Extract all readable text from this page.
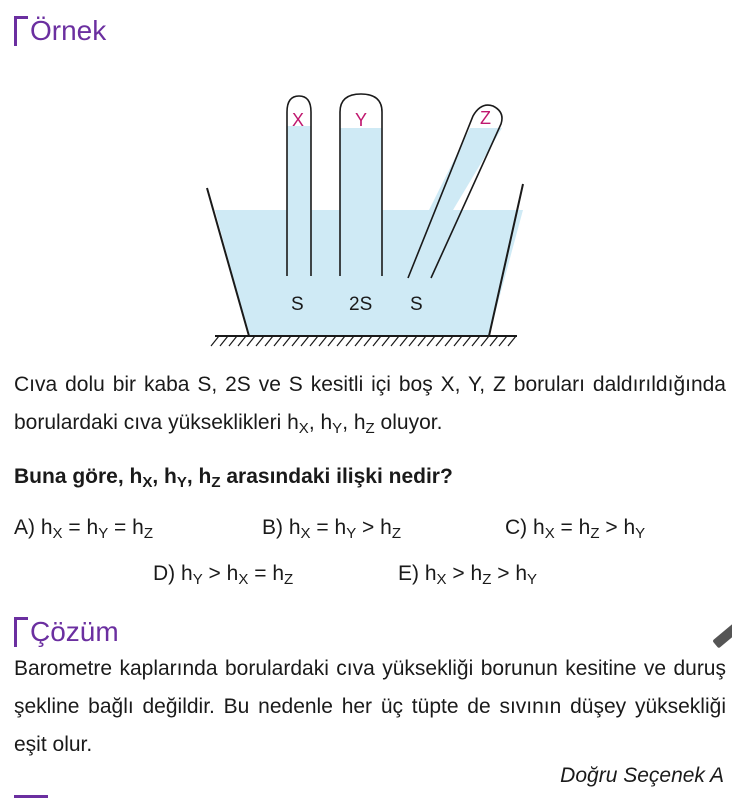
Örnek
X	Y	Z
S 2S S
Cıva dolu bir kaba S, 2S ve S kesitli içi boş X, Y, Z boruları daldırıldığında borulardaki cıva yükseklikleri $h_X$, $h_Y$, $h_Z$ oluyor.
Buna göre, $h_X$, $h_Y$, $h_Z$ arasındaki ilişki nedir?
A) $h_X = h_Y = h_Z$	B) $h_X = h_Y > h_Z$	C) $h_X = h_Z > h_Y$
D) $h_Y > h_X = h_Z$	E) $h_X > h_Z > h_Y$
Çözüm
Barometre kaplarında borulardaki cıva yüksekliği borunun kesitine ve duruş şekline bağlı değildir. Bu nedenle her üç tüpte de sıvının düşey yüksekliği eşit olur.
Doğru Seçenek A
